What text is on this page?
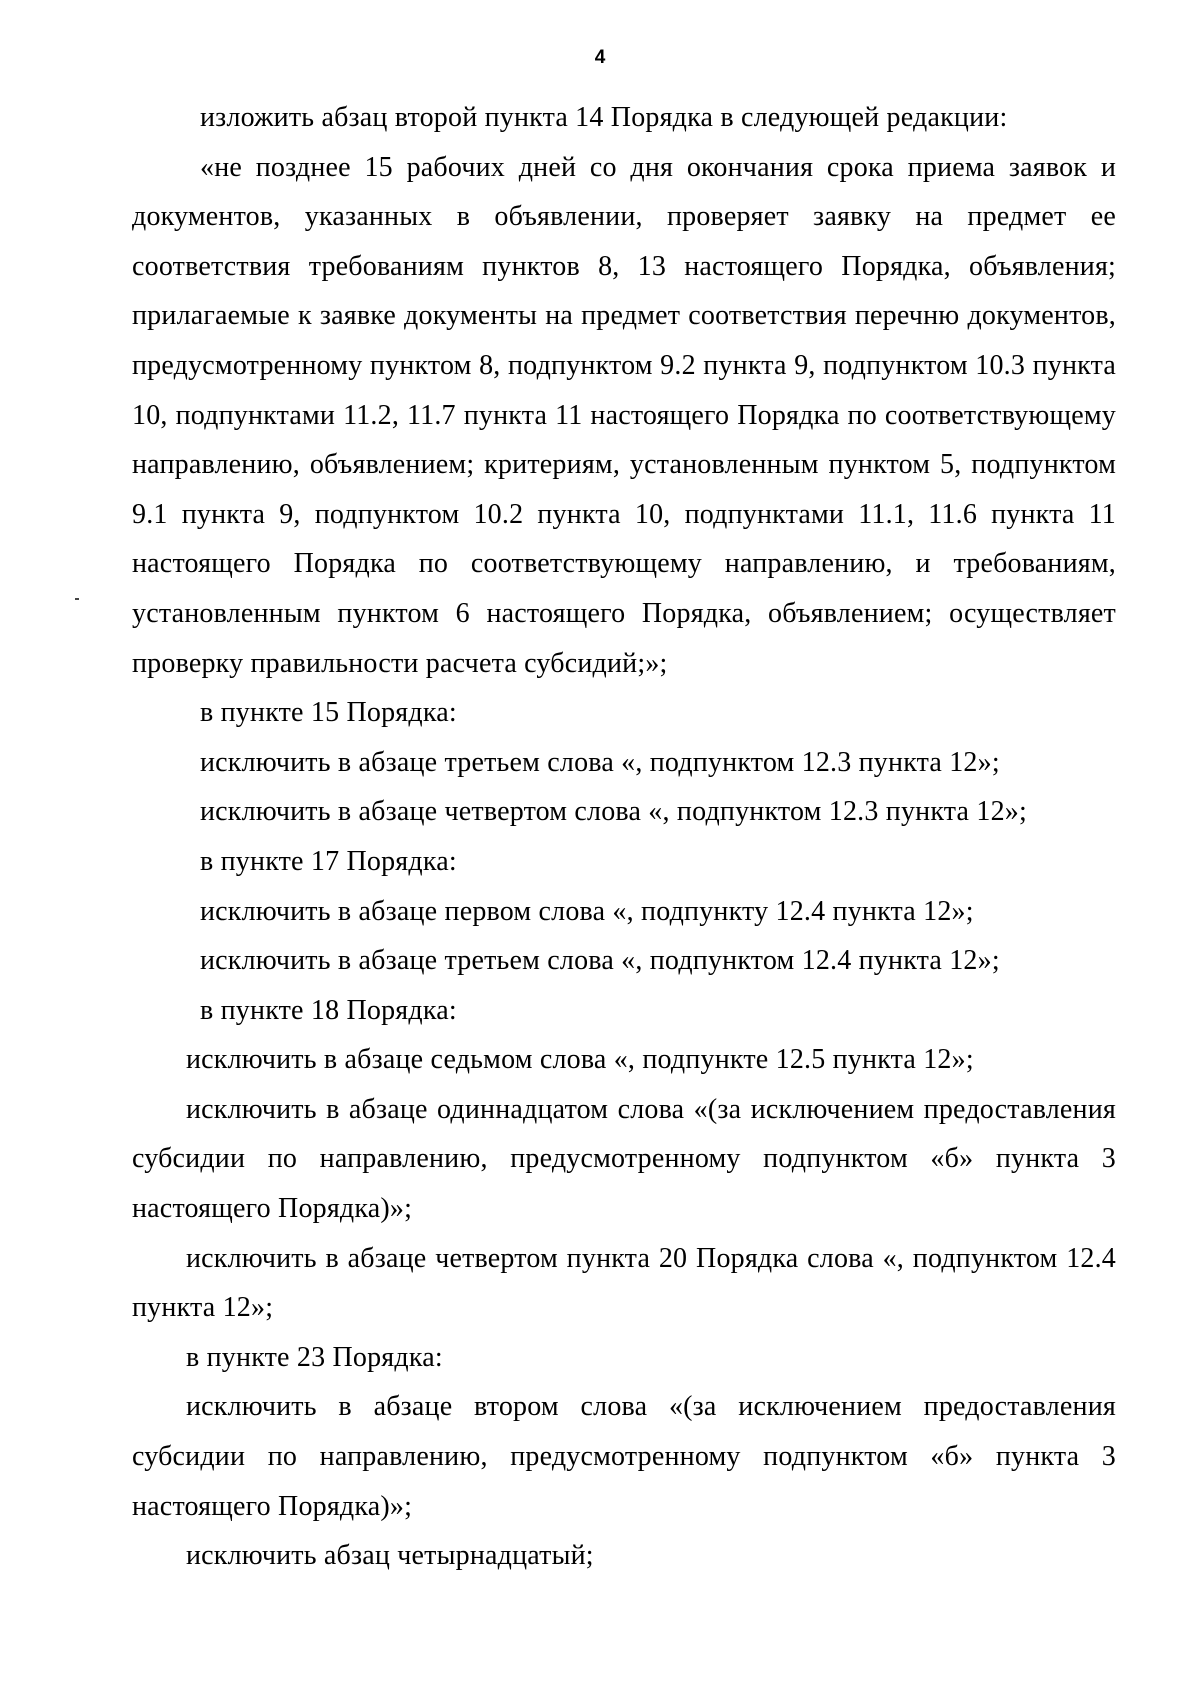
4

изложить абзац второй пункта 14 Порядка в следующей редакции:

«не позднее 15 рабочих дней со дня окончания срока приема заявок и документов, указанных в объявлении, проверяет заявку на предмет ее соответствия требованиям пунктов 8, 13 настоящего Порядка, объявления; прилагаемые к заявке документы на предмет соответствия перечню документов, предусмотренному пунктом 8, подпунктом 9.2 пункта 9, подпунктом 10.3 пункта 10, подпунктами 11.2, 11.7 пункта 11 настоящего Порядка по соответствующему направлению, объявлением; критериям, установленным пунктом 5, подпунктом 9.1 пункта 9, подпунктом 10.2 пункта 10, подпунктами 11.1, 11.6 пункта 11 настоящего Порядка по соответствующему направлению, и требованиям, установленным пунктом 6 настоящего Порядка, объявлением; осуществляет проверку правильности расчета субсидий;»;

в пункте 15 Порядка:

исключить в абзаце третьем слова «, подпунктом 12.3 пункта 12»;

исключить в абзаце четвертом слова «, подпунктом 12.3 пункта 12»;

в пункте 17 Порядка:

исключить в абзаце первом слова «, подпункту 12.4 пункта 12»;

исключить в абзаце третьем слова «, подпунктом 12.4 пункта 12»;

в пункте 18 Порядка:

исключить в абзаце седьмом слова «, подпункте 12.5 пункта 12»;

исключить в абзаце одиннадцатом слова «(за исключением предоставления субсидии по направлению, предусмотренному подпунктом «б» пункта 3 настоящего Порядка)»;

исключить в абзаце четвертом пункта 20 Порядка слова «, подпунктом 12.4 пункта 12»;

в пункте 23 Порядка:

исключить в абзаце втором слова «(за исключением предоставления субсидии по направлению, предусмотренному подпунктом «б» пункта 3 настоящего Порядка)»;

исключить абзац четырнадцатый;
